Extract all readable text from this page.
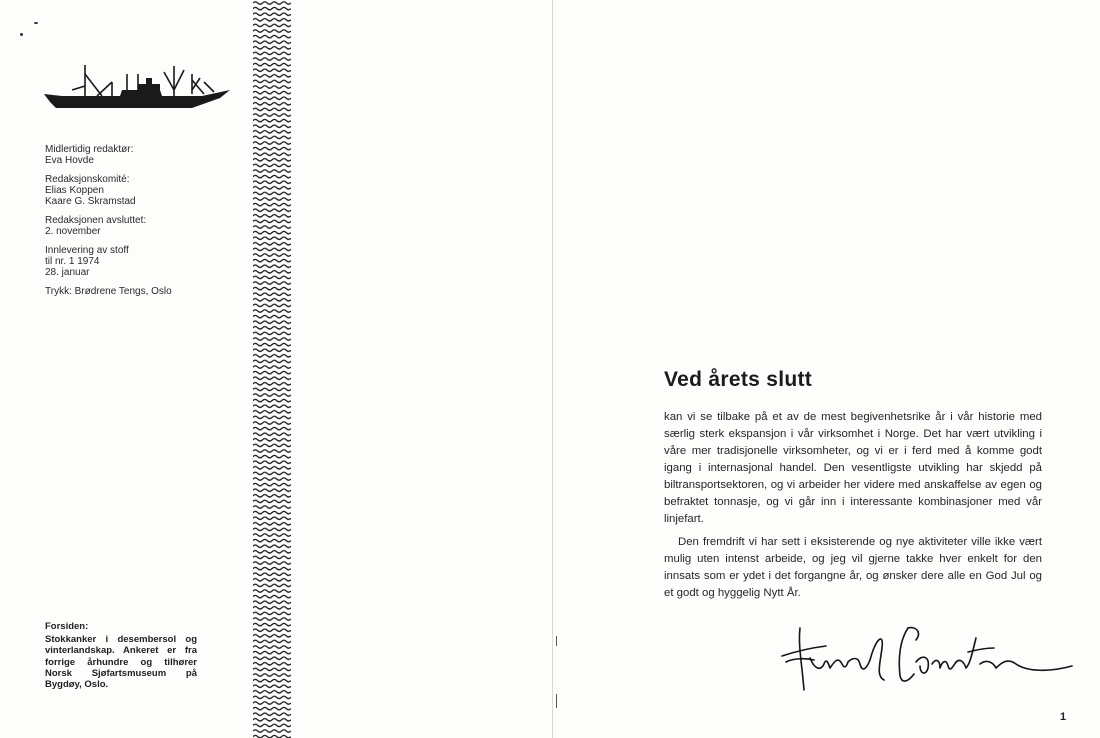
Midlertidig redaktør:
Eva Hovde
Redaksjonskomité:
Elias Koppen
Kaare G. Skramstad
Redaksjonen avsluttet:
2. november
Innlevering av stoff
til nr. 1 1974
28. januar
Trykk: Brødrene Tengs, Oslo
Forsiden:
Stokkanker i desembersol og vinterlandskap. Ankeret er fra forrige århundre og tilhører Norsk Sjøfartsmuseum på Bygdøy, Oslo.
Ved årets slutt

kan vi se tilbake på et av de mest begivenhetsrike år i vår historie med særlig sterk ekspansjon i vår virksomhet i Norge. Det har vært utvikling i våre mer tradisjonelle virksomheter, og vi er i ferd med å komme godt igang i internasjonal handel. Den vesentligste utvikling har skjedd på biltransportsektoren, og vi arbeider her videre med anskaffelse av egen og befraktet tonnasje, og vi går inn i interessante kombinasjoner med vår linjefart.

Den fremdrift vi har sett i eksisterende og nye aktiviteter ville ikke vært mulig uten intenst arbeide, og jeg vil gjerne takke hver enkelt for den innsats som er ydet i det forgangne år, og ønsker dere alle en God Jul og et godt og hyggelig Nytt År.

1
